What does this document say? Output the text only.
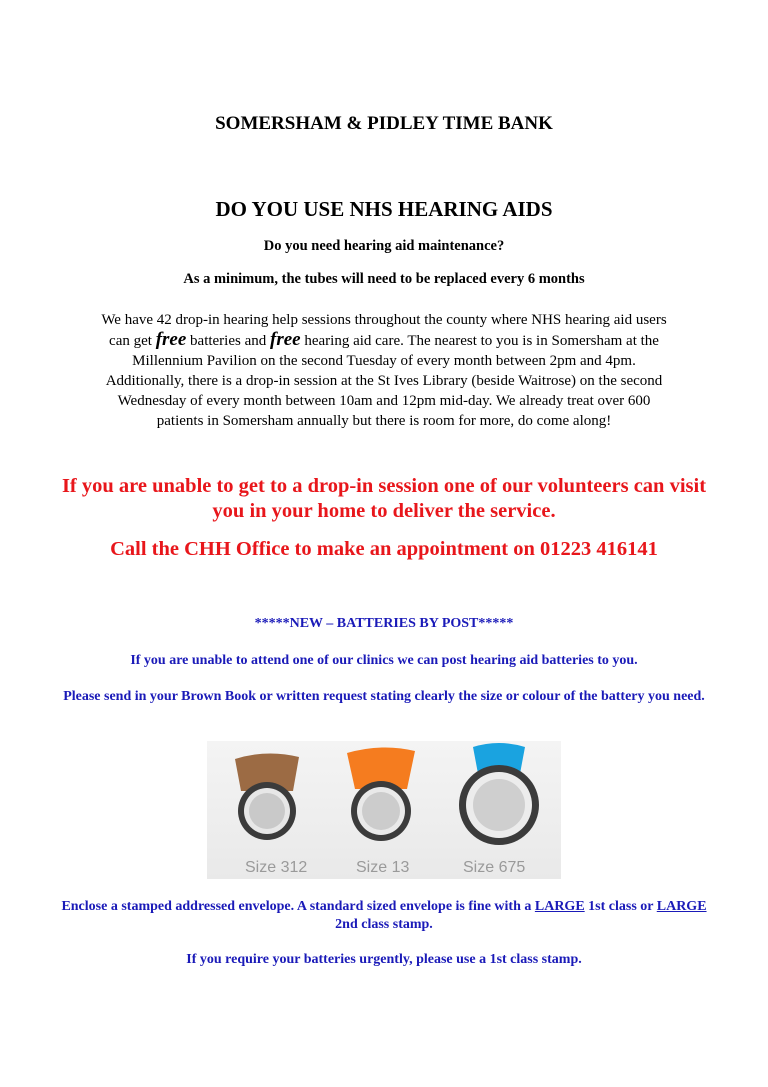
SOMERSHAM & PIDLEY TIME BANK
DO YOU USE NHS HEARING AIDS
Do you need hearing aid maintenance?
As a minimum, the tubes will need to be replaced every 6 months
We have 42 drop-in hearing help sessions throughout the county where NHS hearing aid users can get free batteries and free hearing aid care. The nearest to you is in Somersham at the Millennium Pavilion on the second Tuesday of every month between 2pm and 4pm. Additionally, there is a drop-in session at the St Ives Library (beside Waitrose) on the second Wednesday of every month between 10am and 12pm mid-day. We already treat over 600 patients in Somersham annually but there is room for more, do come along!
If you are unable to get to a drop-in session one of our volunteers can visit you in your home to deliver the service.
Call the CHH Office to make an appointment on 01223 416141
*****NEW – BATTERIES BY POST*****
If you are unable to attend one of our clinics we can post hearing aid batteries to you.
Please send in your Brown Book or written request stating clearly the size or colour of the battery you need.
Size 312	Size 13	Size 675
Enclose a stamped addressed envelope. A standard sized envelope is fine with a LARGE 1st class or LARGE 2nd class stamp.
If you require your batteries urgently, please use a 1st class stamp.
